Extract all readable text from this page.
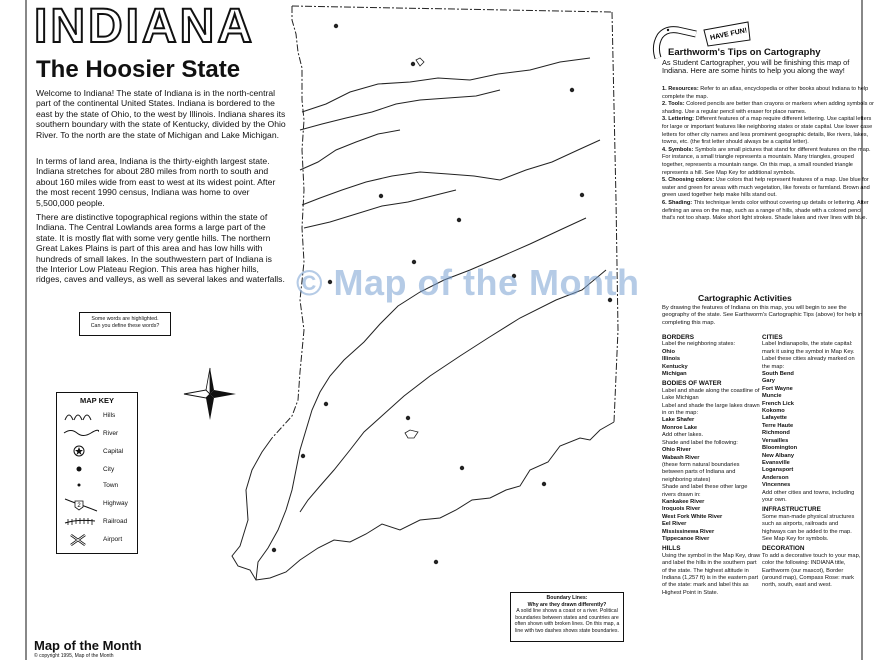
INDIANA
The Hoosier State
Welcome to Indiana! The state of Indiana is in the north-central part of the continental United States. Indiana is bordered to the east by the state of Ohio, to the west by Illinois. Indiana shares its southern boundary with the state of Kentucky, divided by the Ohio River. To the north are the state of Michigan and Lake Michigan.
In terms of land area, Indiana is the thirty-eighth largest state. Indiana stretches for about 280 miles from north to south and about 160 miles wide from east to west at its widest point. After the most recent 1990 census, Indiana was home to over 5,500,000 people.
There are distinctive topographical regions within the state of Indiana. The Central Lowlands area forms a large part of the state. It is mostly flat with some very gentle hills. The northern Great Lakes Plains is part of this area and has low hills with hundreds of small lakes. In the southwestern part of Indiana is the Interior Low Plateau Region. This area has higher hills, ridges, caves and valleys, as well as several lakes and waterfalls.
Some words are highlighted.
Can you define these words?
MAP KEY
Hills
River
Capital
City
Town
2	Highway
Railroad
Airport
Map of the Month
© copyright 1995, Map of the Month
HAVE FUN!
Earthworm's Tips on Cartography
As Student Cartographer, you will be finishing this map of Indiana. Here are some hints to help you along the way!
1. Resources: Refer to an atlas, encyclopedia or other books about Indiana to help complete the map.
2. Tools: Colored pencils are better than crayons or markers when adding symbols or shading. Use a regular pencil with eraser for place names.
3. Lettering: Different features of a map require different lettering. Use capital letters for large or important features like neighboring states or state capital. Use lower case letters for other city names and less prominent geographic details, like rivers, lakes, towns, etc. (the first letter should always be a capital letter).
4. Symbols: Symbols are small pictures that stand for different features on the map. For instance, a small triangle represents a mountain. Many triangles, grouped together, represents a mountain range. On this map, a small rounded triangle represents a hill. See Map Key for additional symbols.
5. Choosing colors: Use colors that help represent features of a map. Use blue for water and green for areas with much vegetation, like forests or farmland. Brown and green used together help make hills stand out.
6. Shading: This technique lends color without covering up details or lettering. After defining an area on the map, such as a range of hills, shade with a colored pencil that's not too sharp. Make short light strokes. Shade lakes and river lines with blue.
Cartographic Activities
By drawing the features of Indiana on this map, you will begin to see the geography of the state. See Earthworm's Cartographic Tips (above) for help in completing this map.
BORDERS
Label the neighboring states:
Ohio
Illinois
Kentucky
Michigan
BODIES OF WATER
Label and shade along the coastline of Lake Michigan
Label and shade the large lakes drawn in on the map:
Lake Shafer
Monroe Lake
Add other lakes.
Shade and label the following:
Ohio River
Wabash River
(these form natural boundaries between parts of Indiana and neighboring states)
Shade and label these other large rivers drawn in:
Kankakee River
Iroquois River
West Fork White River
Eel River
Mississinewa River
Tippecanoe River
HILLS
Using the symbol in the Map Key, draw and label the hills in the southern part of the state. The highest altitude in Indiana (1,257 ft) is in the eastern part of the state: mark and label this as Highest Point in State.
CITIES
Label Indianapolis, the state capital: mark it using the symbol in Map Key.
Label these cities already marked on the map:
South Bend
Gary
Fort Wayne
Muncie
French Lick
Kokomo
Lafayette
Terre Haute
Richmond
Versailles
Bloomington
New Albany
Evansville
Logansport
Anderson
Vincennes
Add other cities and towns, including your own.
INFRASTRUCTURE
Some man-made physical structures such as airports, railroads and highways can be added to the map. See Map Key for symbols.
DECORATION
To add a decorative touch to your map, color the following: INDIANA title, Earthworm (our mascot), Border (around map), Compass Rose: mark north, south, east and west.
Boundary Lines:
Why are they drawn differently?
A solid line shows a coast or a river. Political boundaries between states and countries are often shown with broken lines. On this map, a line with two dashes shows state boundaries.
© Map of the Month
